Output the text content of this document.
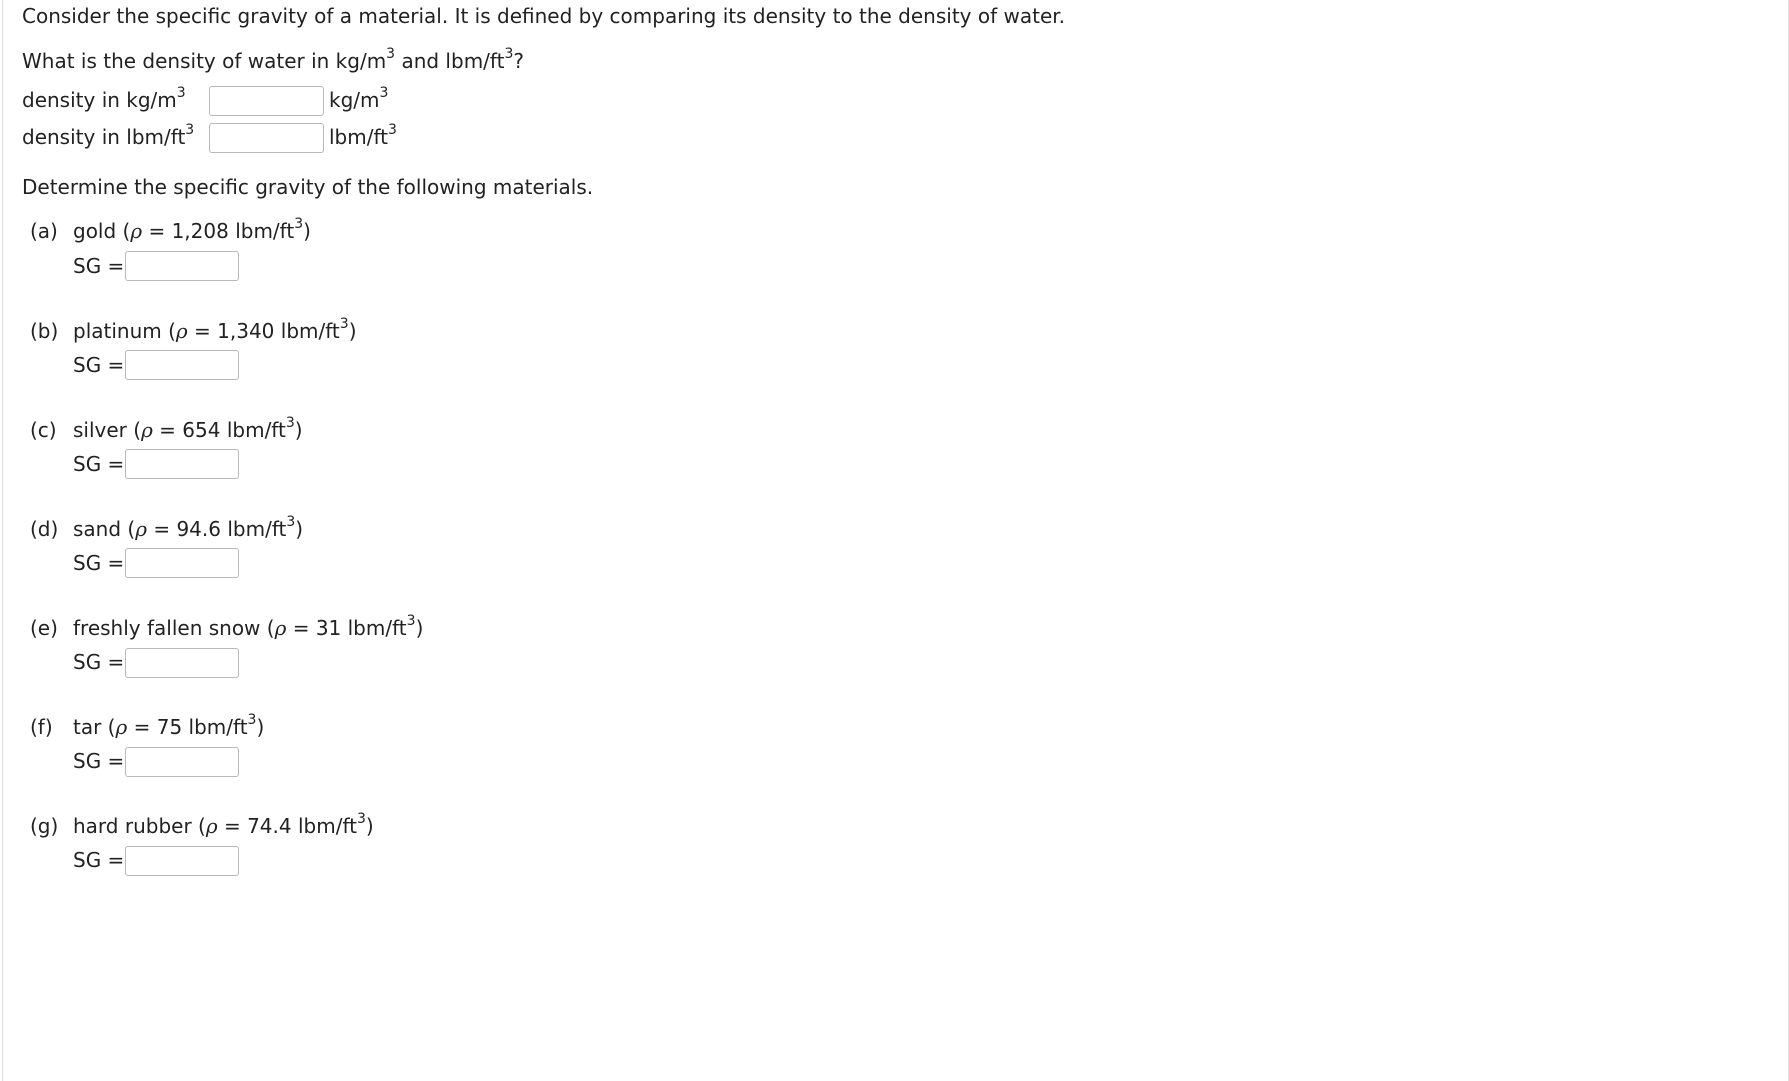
Consider the specific gravity of a material. It is defined by comparing its density to the density of water.
What is the density of water in $kg/m^3$ and lbm/$ft^3$?
density in $kg/m^3$	$kg/m^3$
density in lbm/$ft^3$	lbm/$ft^3$
Determine the specific gravity of the following materials.
(a) gold (ρ = 1,208 lbm/$ft^3$)
SG =
(b) platinum (ρ = 1,340 lbm/$ft^3$)
SG =
(c) silver (ρ = 654 lbm/$ft^3$)
SG =
(d) sand (ρ = 94.6 lbm/$ft^3$)
SG =
(e) freshly fallen snow (ρ = 31 lbm/$ft^3$)
SG =
(f) tar (ρ = 75 lbm/$ft^3$)
SG =
(g) hard rubber (ρ = 74.4 lbm/$ft^3$)
SG =
